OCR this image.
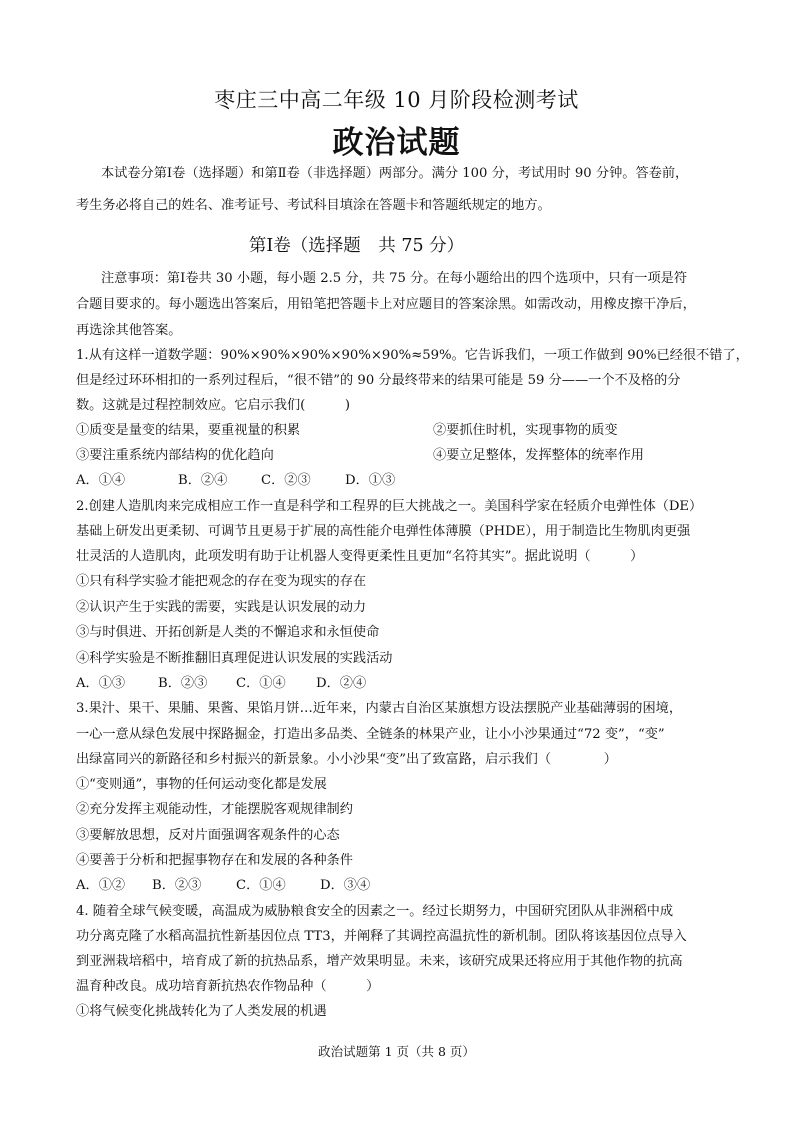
枣庄三中高二年级 10 月阶段检测考试
政治试题
本试卷分第Ⅰ卷（选择题）和第Ⅱ卷（非选择题）两部分。满分 100 分，考试用时 90 分钟。答卷前，
考生务必将自己的姓名、准考证号、考试科目填涂在答题卡和答题纸规定的地方。
第Ⅰ卷（选择题　共 75 分）
注意事项：第Ⅰ卷共 30 小题，每小题 2.5 分，共 75 分。在每小题给出的四个选项中，只有一项是符
合题目要求的。每小题选出答案后，用铅笔把答题卡上对应题目的答案涂黑。如需改动，用橡皮擦干净后，
再选涂其他答案。
1.从有这样一道数学题：90%×90%×90%×90%×90%≈59%。它告诉我们，一项工作做到 90%已经很不错了，
但是经过环环相扣的一系列过程后，“很不错”的 90 分最终带来的结果可能是 59 分——一个不及格的分
数。这就是过程控制效应。它启示我们(　　　)
①质变是量变的结果，要重视量的积累	②要抓住时机，实现事物的质变
③要注重系统内部结构的优化趋向	④要立足整体，发挥整体的统率作用
A．①④	B．②④	C．②③	D．①③
2.创建人造肌肉来完成相应工作一直是科学和工程界的巨大挑战之一。美国科学家在轻质介电弹性体（DE）
基础上研发出更柔韧、可调节且更易于扩展的高性能介电弹性体薄膜（PHDE），用于制造比生物肌肉更强
壮灵活的人造肌肉，此项发明有助于让机器人变得更柔性且更加“名符其实”。据此说明（　　　）
①只有科学实验才能把观念的存在变为现实的存在
②认识产生于实践的需要，实践是认识发展的动力
③与时俱进、开拓创新是人类的不懈追求和永恒使命
④科学实验是不断推翻旧真理促进认识发展的实践活动
A．①③ B．②③ C．①④ D．②④
3.果汁、果干、果脯、果酱、果馅月饼…近年来，内蒙古自治区某旗想方设法摆脱产业基础薄弱的困境，
一心一意从绿色发展中探路掘金，打造出多品类、全链条的林果产业，让小小沙果通过“72 变”，“变”
出绿富同兴的新路径和乡村振兴的新景象。小小沙果“变”出了致富路，启示我们（　　　　）
①“变则通”，事物的任何运动变化都是发展
②充分发挥主观能动性，才能摆脱客观规律制约
③要解放思想，反对片面强调客观条件的心态
④要善于分析和把握事物存在和发展的各种条件
A．①② B．②③	C．①④	D．③④
4. 随着全球气候变暖，高温成为威胁粮食安全的因素之一。经过长期努力，中国研究团队从非洲稻中成
功分离克隆了水稻高温抗性新基因位点 TT3，并阐释了其调控高温抗性的新机制。团队将该基因位点导入
到亚洲栽培稻中，培育成了新的抗热品系，增产效果明显。未来，该研究成果还将应用于其他作物的抗高
温育种改良。成功培育新抗热农作物品种（　　　）
①将气候变化挑战转化为了人类发展的机遇
政治试题第 1 页（共 8 页）
